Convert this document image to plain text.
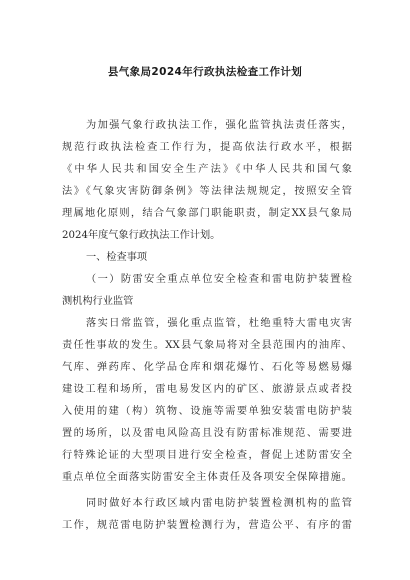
县气象局2024年行政执法检查工作计划
为加强气象行政执法工作，强化监管执法责任落实，
规范行政执法检查工作行为，提高依法行政水平，根据
《中华人民共和国安全生产法》《中华人民共和国气象
法》《气象灾害防御条例》等法律法规规定，按照安全管
理属地化原则，结合气象部门职能职责，制定XX县气象局
2024年度气象行政执法工作计划。
一、检查事项
（一）防雷安全重点单位安全检查和雷电防护装置检
测机构行业监管
落实日常监管，强化重点监管，杜绝重特大雷电灾害
责任性事故的发生。XX县气象局将对全县范围内的油库、
气库、弹药库、化学品仓库和烟花爆竹、石化等易燃易爆
建设工程和场所，雷电易发区内的矿区、旅游景点或者投
入使用的建（构）筑物、设施等需要单独安装雷电防护装
置的场所，以及雷电风险高且没有防雷标准规范、需要进
行特殊论证的大型项目进行安全检查，督促上述防雷安全
重点单位全面落实防雷安全主体责任及各项安全保障措施。
同时做好本行政区域内雷电防护装置检测机构的监管
工作，规范雷电防护装置检测行为，营造公平、有序的雷
